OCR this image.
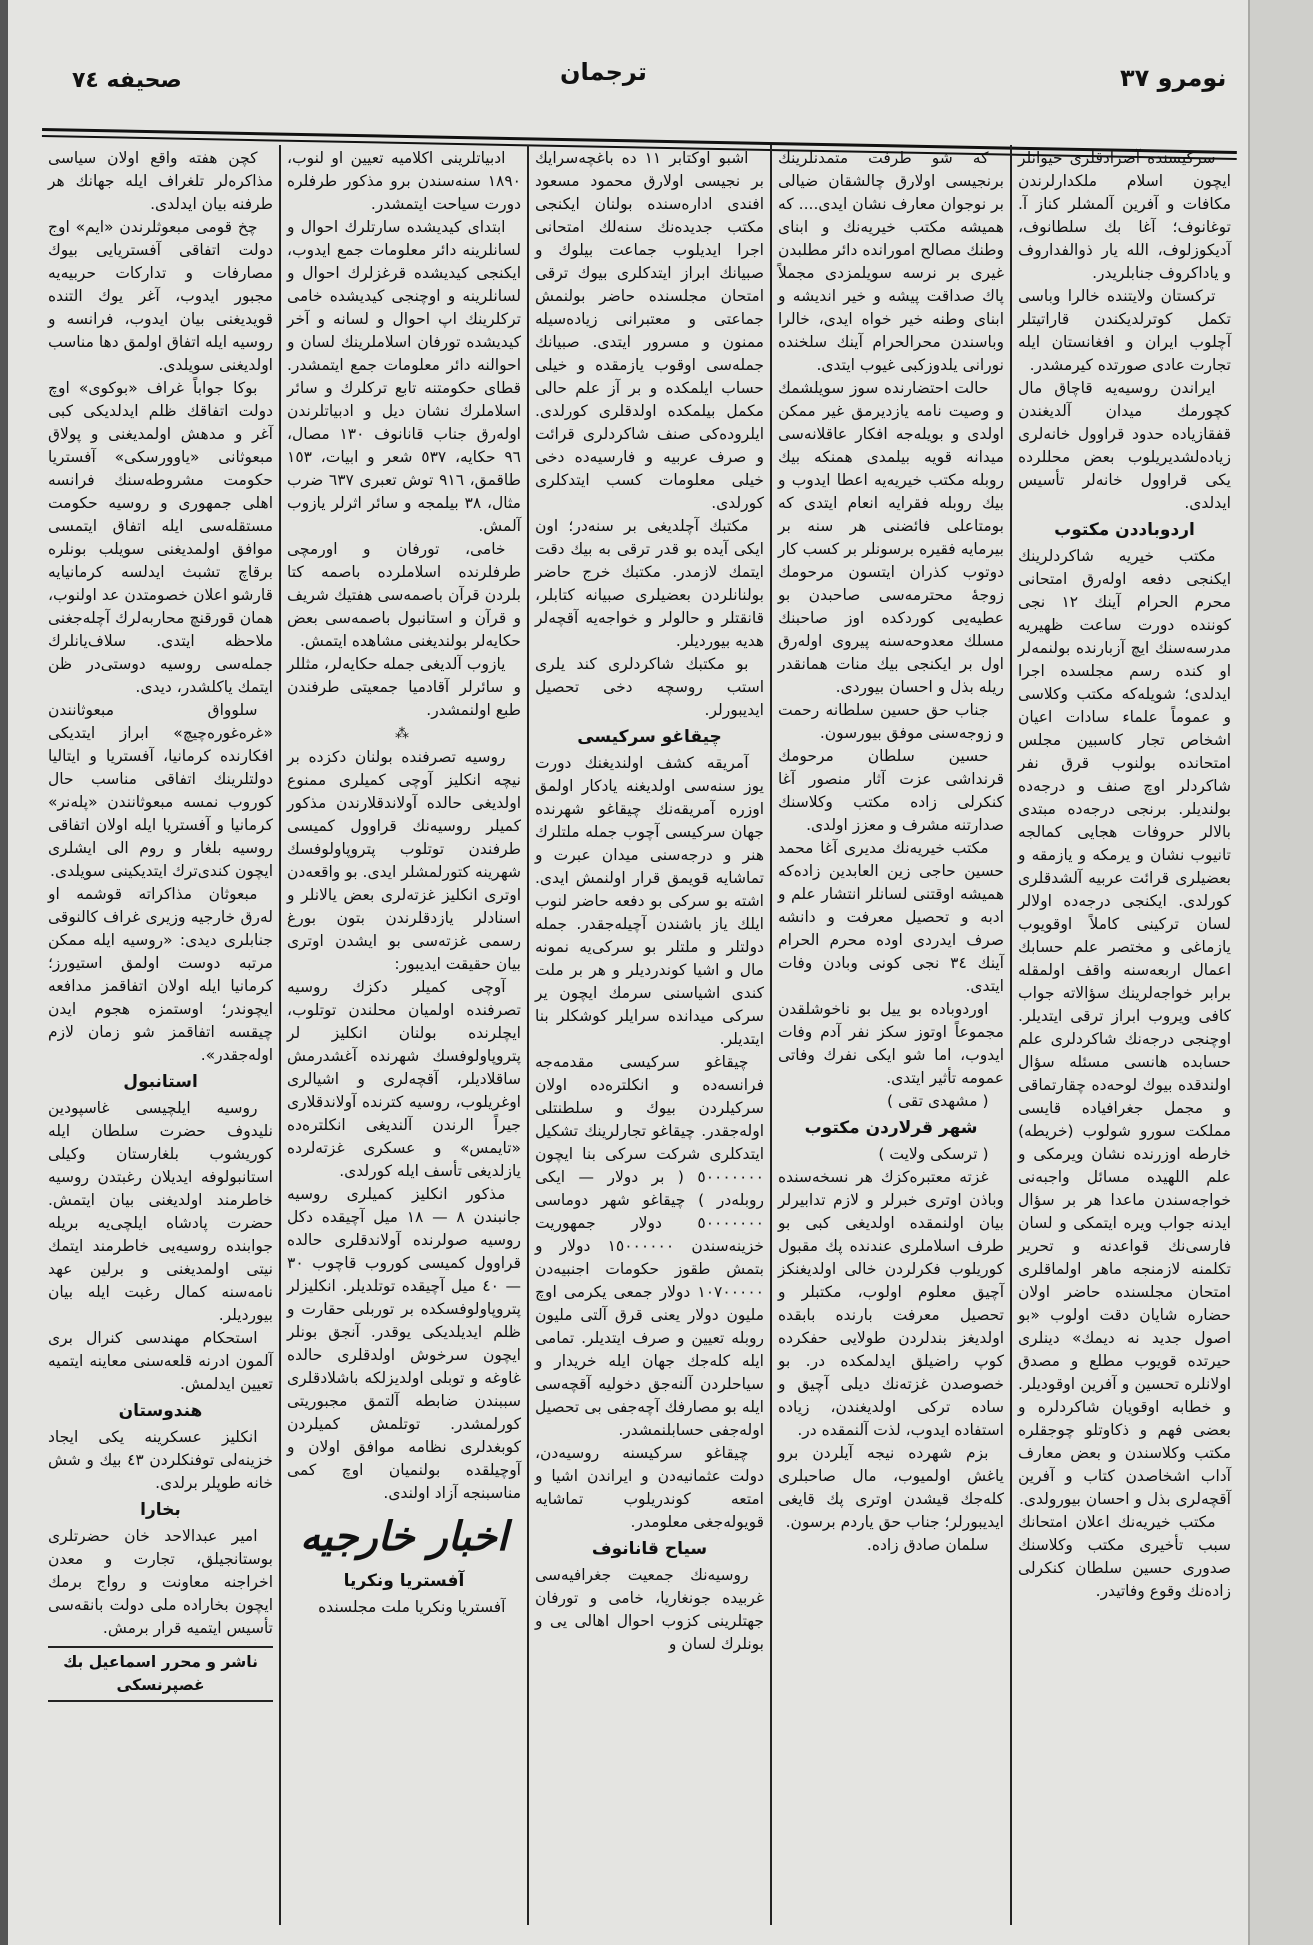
صحیفه ٧٤	ترجمان	نومرو ٣٧

سرکیسنده آصرادقلری حیوانلر ایچون اسلام ملکدارلرندن مکافات و آفرین آلمشلر کناز آ. توغانوف؛ آغا بك سلطانوف، آدیکوزلوف، الله یار ذوالفداروف و یاداکروف جنابلریدر.

ترکستان ولایتنده خالرا وبا‌سی تکمل کوترلدیکندن قاراتیتلر آچلوب ایران و افغانستان ایله تجارت عادی صورتده کیرمشدر.

ایراندن روسیه‌یه قاچاق مال کچورمك میدان آلدیغندن قفقازیاده حدود قراوول خانه‌لری زیاده‌لشدیریلوب بعض محللرده یکی قراوول خانه‌لر تأسیس ایدلدی.

اردوباددن مکتوب

مکتب خیریه شاکردلرینك ایکنجی دفعه اوله‌رق امتحانی محرم الحرام آینك ١٢ نجی کوننده دورت ساعت ظهیریه مدرسه‌سنك ایچ آزبارنده بولنمه‌لر او کنده رسم مجلسده اجرا ایدلدی؛ شویله‌که مکتب وکلاسی و عموماً علماء سادات اعیان اشخاص تجار کاسبین مجلس امتحانده بولنوب قرق نفر شاکردلر اوچ صنف و درجه‌ده بولندیلر. برنجی درجه‌ده مبتدی بالالر حروفات هجایی کمالجه تانیوب نشان و یرمکه و یازمقه و بعضیلری قرائت عربیه آلشدقلری کورلدی. ایکنجی درجه‌ده اولالر لسان ترکینی کاملاً اوقویوب یازماغی و مختصر علم حسابك اعمال اربعه‌سنه واقف اولمقله برابر خواجه‌لرینك سؤالاته جواب کافی ویروب ابراز ترقی ایتدیلر. اوچنجی درجه‌نك شاکردلری علم حسابده هانسی مسئله سؤال اولندقده بیوك لوحه‌ده چقارتماقی و مجمل جغرافیاده قایسی مملکت سورو شولوب (خریطه) خارطه اوزرنده نشان ویرمکی و علم اللهیده مسائل واجبه‌نی خواجه‌سندن ماعدا هر بر سؤال ایدنه جواب ویره ایتمکی و لسان فارسی‌نك قواعدنه و تحریر تکلمنه لازمنجه ماهر اولماقلری امتحان مجلسنده حاضر اولان حضاره شایان دقت اولوب «بو اصول جدید نه دیمك» دینلری حیرتده قویوب مطلع و مصدق اولانلره تحسین و آفرین اوقودیلر. و خطابه اوقویان شاکردلره و بعضی فهم و ذکاوتلو چوجقلره مکتب وکلاسندن و بعض معارف آداب اشخاصدن کتاب و آفرین آقچه‌لری بذل و احسان بیورولدی.

مکتب خیریه‌نك اعلان امتحانك سبب تأخیری مکتب وکلاسنك صدوری حسین سلطان کنکرلی زاده‌نك وقوع وفاتیدر.

که شو طرفت متمدنلرینك برنجیسی اولارق چالشقان ضیالی بر نوجوان معارف نشان ایدی.... که همیشه مکتب خیریه‌نك و ابنای وطنك مصالح امورانده دائر مطلبدن غیری بر نرسه سویلمزدی مجملاً پاك صداقت پیشه و خیر اندیشه و ابنای وطنه خیر خواه ایدی، خالرا وباسندن محرالحرام آینك سلخنده نورانی یلدوزکبی غیوب ایتدی.

حالت احتضارنده سوز سویلشمك و وصیت نامه یازدیرمق غیر ممکن اولدی و بویله‌جه افکار عاقلانه‌سی میدانه قویه بیلمدی همنکه بیك روبله مکتب خیریه‌یه اعطا ایدوب و بیك روبله فقرایه انعام ایتدی که بومتاعلی فائضنی هر سنه بر بیرمایه فقیره برسونلر بر کسب کار دوتوب کذران ایتسون مرحومك زوجهٔ محترمه‌سی صاحبدن بو عطیه‌یی کوردکده اوز صاحبنك مسلك معدوحه‌سنه پیروی اوله‌رق اول بر ایکنجی بیك منات همانقدر ریله بذل و احسان بیوردی.

جناب حق حسین سلطانه رحمت و زوجه‌سنی موفق بیورسون.

حسین سلطان مرحومك قرنداشی عزت آثار منصور آغا کنکرلی زاده مکتب وکلاسنك صدارتنه مشرف و معزز اولدی.

مکتب خیریه‌نك مدیری آغا محمد حسین حاجی زین العابدین زاده‌که همیشه اوقتنی لسانلر انتشار علم و ادبه و تحصیل معرفت و دانشه صرف ایدردی اوده محرم الحرام آینك ٣٤ نجی کونی وبادن وفات ایتدی.

اوردوباده بو ییل بو ناخوشلقدن مجموعاً اوتوز سکز نفر آدم وفات ایدوب، اما شو ایکی نفرك وفاتی عمومه تأثیر ایتدی.

( مشهدی تقی )

شهر قرلاردن مکتوب

( ترسکی ولایت )

غزته معتبره‌کزك هر نسخه‌سنده وباذن اوتری خبرلر و لازم تدابیرلر بیان اولنمقده اولدیغی کبی بو طرف اسلاملری عندنده پك مقبول کوریلوب فکرلردن خالی اولدیغنکز آچیق معلوم اولوب، مکتبلر و تحصیل معرفت بارنده بابقده اولدیغز بندلردن طولایی حفکرده کوپ راضیلق ایدلمکده در. بو خصوصدن غزته‌نك دیلی آچیق و ساده ترکی اولدیغندن، زیاده استفاده ایدوب، لذت آلنمقده در.

بزم شهرده نیجه آیلردن برو یاغش اولمیوب، مال صاحبلری کله‌جك قیشدن اوتری پك قایغی ایدیبورلر؛ جناب حق یاردم برسون.

سلمان صادق زاده.

اشبو اوکتابر ١١ ده باغچه‌سرایك بر نجیسی اولارق محمود مسعود افندی اداره‌سنده بولنان ایکنجی مکتب جدیده‌نك سنه‌لك امتحانی اجرا ایدیلوب جماعت بیلوك و صبیانك ابراز ایتدکلری بیوك ترقی امتحان مجلسنده حاضر بولنمش جماعتی و معتبرانی زیاده‌سیله ممنون و مسرور ایتدی. صبیانك جمله‌سی اوقوب یازمقده و خیلی حساب ایلمکده و بر آز علم حالی مکمل بیلمکده اولدقلری کورلدی. ایلروده‌کی صنف شاکردلری قرائت و صرف عربیه و فارسیه‌ده دخی خیلی معلومات کسب ایتدکلری کورلدی.

مکتبك آچلدیغی بر سنه‌در؛ اون ایکی آیده بو قدر ترقی به بیك دقت ایتمك لازمدر. مکتبك خرج حاضر بولنانلردن بعضیلری صبیانه کتابلر، قانقتلر و حالولر و خواجه‌یه آقچه‌لر هدیه بیوردیلر.

بو مکتبك شاکردلری کند یلری استب روسچه دخی تحصیل ایدیبورلر.

چیقاغو سرکیسی

آمریقه کشف اولندیغنك دورت یوز سنه‌سی اولدیغنه یادکار اولمق اوزره آمریقه‌نك چیقاغو شهرنده جهان سرکیسی آچوب جمله ملتلرك هنر و درجه‌سنی میدان عبرت و تماشایه قویمق قرار اولنمش ایدی. اشته بو سرکی بو دفعه حاضر لنوب ایلك یاز باشندن آچیله‌جقدر. جمله دولتلر و ملتلر بو سرکی‌یه نمونه مال و اشیا کوندردیلر و هر بر ملت کندی اشیاسنی سرمك ایچون یر سرکی میدانده سرایلر کوشکلر بنا ایتدیلر.

چیقاغو سرکیسی مقدمه‌جه فرانسه‌ده و انکلتره‌ده اولان سرکیلردن بیوك و سلطنتلی اوله‌جقدر. چیقاغو تجارلرینك تشکیل ایتدکلری شرکت سرکی بنا ایچون ٥٠٠٠٠٠٠٠ ( بر دولار — ایکی روبله‌در ) چیقاغو شهر دوماسی ٥٠٠٠٠٠٠٠ دولار جمهوریت خزینه‌سندن ١٥٠٠٠٠٠٠ دولار و بتمش طقوز حکومات اجنبیه‌دن ١٠٧٠٠٠٠٠ دولار جمعی یکرمی اوچ ملیون دولار یعنی قرق آلتی ملیون روبله تعیین و صرف ایتدیلر. تمامی ایله کله‌جك جهان ایله خریدار و سیاحلردن آلنه‌جق دخولیه آقچه‌سی ایله بو مصارفك آچه‌جفی بی تحصیل اوله‌جفی حسابلنمشدر.

چیقاغو سرکیسنه روسیه‌دن، دولت عثمانیه‌دن و ایراندن اشیا و امتعه کوندریلوب تماشایه قویوله‌جغی معلومدر.

سیاح قانانوف

روسیه‌نك جمعیت جغرافیه‌سی غربیده جونغاریا، خامی و تورفان جهتلرینی کزوب احوال اهالی یی و بونلرك لسان و

ادبیاتلرینی اکلامیه تعیین او لنوب، ١٨٩٠ سنه‌سندن برو مذکور طرفلره دورت سیاحت ایتمشدر.

ابتدای کیدیشده سارتلرك احوال و لسانلرینه دائر معلومات جمع ایدوب، ایکنجی کیدیشده قرغزلرك احوال و لسانلرینه و اوچنجی کیدیشده خامی ترکلرینك اپ احوال و لسانه و آخر کیدیشده تورفان اسلاملرینك لسان و احوالنه دائر معلومات جمع ایتمشدر. قطای حکومتنه تابع ترکلرك و سائر اسلاملرك نشان دیل و ادبیاتلرندن اوله‌رق جناب قانانوف ١٣٠ مصال، ٩٦ حکایه، ٥٣٧ شعر و ابیات، ١٥٣ طاقمق، ٩١٦ توش تعبری ٦٣٧ ضرب مثال، ٣٨ بیلمجه و سائر اثرلر یازوب آلمش.

خامی، تورفان و اورمچی طرفلرنده اسلاملرده باصمه کتا بلردن قرآن باصمه‌سی هفتیك شریف و قرآن و استانبول باصمه‌سی بعض حکایه‌لر بولندیغنی مشاهده ایتمش.

یازوب آلدیغی جمله حکایه‌لر، مثللر و سائرلر آقادمیا جمعیتی طرفندن طبع اولنمشدر.

⁂

روسیه تصرفنده بولنان دکزده بر نیچه انکلیز آوچی کمیلری ممنوع اولدیغی حالده آولاندقلارندن مذکور کمیلر روسیه‌نك قراوول کمیسی طرفندن توتلوب پتروپاولوفسك شهرینه کتورلمشلر ایدی. بو واقعه‌دن اوتری انکلیز غزته‌لری بعض یالانلر و اسنادلر یازدقلرندن بتون بورغ رسمی غزته‌سی بو ایشدن اوتری بیان حقیقت ایدیبور:

آوچی کمیلر دکزك روسیه تصرفنده اولمیان محلندن توتلوب، ایچلرنده بولنان انکلیز لر پتروپاولوفسك شهرنده آغشدرمش ساقلادیلر، آقچه‌لری و اشیالری اوغریلوب، روسیه کترنده آولاندقلاری جیراً الرندن آلندیغی انکلتره‌ده «تایمس» و عسکری غزته‌لرده یازلدیغی تأسف ایله کورلدی.

مذکور انکلیز کمیلری روسیه جانبندن ٨ — ١٨ میل آچیقده دکل روسیه صولرنده آولاندقلری حالده قراوول کمیسی کوروب قاچوب ٣٠ — ٤٠ میل آچیقده توتلدیلر. انکلیزلر پتروپاولوفسکده بر توربلی حقارت و ظلم ایدیلدیکی یوقدر. آنجق بونلر ایچون سرخوش اولدقلری حالده غاوغه و توبلی اولدیزلکه باشلادقلری سببندن ضابطه آلتمق مجبوریتی کورلمشدر. توتلمش کمیلردن کوبغدلری نظامه موافق اولان و آوچیلقده بولنمیان اوچ کمی مناسبنجه آزاد اولندی.

اخبار خارجیه
آفستریا ونکریا

آفستریا ونکریا ملت مجلسنده

کچن هفته واقع اولان سیاسی مذاکره‌لر تلغراف ایله جهانك هر طرفنه بیان ایدلدی.

چخ قومی مبعوثلرندن «ایم» اوج دولت اتفاقی آفستریایی بیوك مصارفات و تدارکات حربیه‌یه مجبور ایدوب، آغر یوك التنده قویدیغنی بیان ایدوب، فرانسه و روسیه ایله اتفاق اولمق دها مناسب اولدیغنی سویلدی.

بوکا جواباً غراف «بوکوی» اوچ دولت اتفاقك ظلم ایدلدیکی کبی آغر و مدهش اولمدیغنی و پولاق مبعوثانی «یاوورسکی» آفستریا حکومت مشروطه‌سنك فرانسه اهلی جمهوری و روسیه حکومت مستقله‌سی ایله اتفاق ایتمسی موافق اولمدیغنی سویلب بونلره برقاچ تشبث ایدلسه کرمانیایه قارشو اعلان خصومتدن عد اولنوب، همان قورقنچ محاربه‌لرك آچله‌جغنی ملاحظه ایتدی. سلاف‌یانلرك جمله‌سی روسیه دوستی‌در ظن ایتمك یاکلشدر، دیدی.

سلوواق مبعوثانندن «غره‌غوره‌چیچ» ابراز ایتدیکی افکارنده کرمانیا، آفستریا و ایتالیا دولتلرینك اتفاقی مناسب حال کوروب نمسه مبعوثانندن «پله‌نر» کرمانیا و آفستریا ایله اولان اتفاقی روسیه بلغار و روم الی ایشلری ایچون کندی‌ترك ایتدیکینی سویلدی.

مبعوثان مذاکراته قوشمه او له‌رق خارجیه وزیری غراف کالنوقی جنابلری دیدی: «روسیه ایله ممکن مرتبه دوست اولمق استیورز؛ کرمانیا ایله اولان اتفاقمز مدافعه ایچوندر؛ اوستمزه هجوم ایدن چیقسه اتفاقمز شو زمان لازم اوله‌جقدر».

استانبول

روسیه ایلچیسی غاسپودین نلیدوف حضرت سلطان ایله کوریشوب بلغارستان وکیلی استانبولوفه ایدیلان رغبتدن روسیه خاطرمند اولدیغنی بیان ایتمش. حضرت پادشاه ایلچی‌یه بریله جوابنده روسیه‌یی خاطرمند ایتمك نیتی اولمدیغنی و برلین عهد نامه‌سنه کمال رغبت ایله بیان بیوردیلر.

استحکام مهندسی کنرال بری آلمون ادرنه قلعه‌سنی معاینه ایتمیه تعیین ایدلمش.

هندوستان

انکلیز عسکرینه یکی ایجاد خزینه‌لی توفنکلردن ٤٣ بیك و شش خانه طوپلر برلدی.

بخارا

امیر عبدالاحد خان حضرتلری بوستانجیلق، تجارت و معدن اخراجنه معاونت و رواج برمك ایچون بخاراده ملی دولت بانقه‌سی تأسیس ایتمیه قرار برمش.

ناشر و محرر اسماعیل بك غصپرنسکی
